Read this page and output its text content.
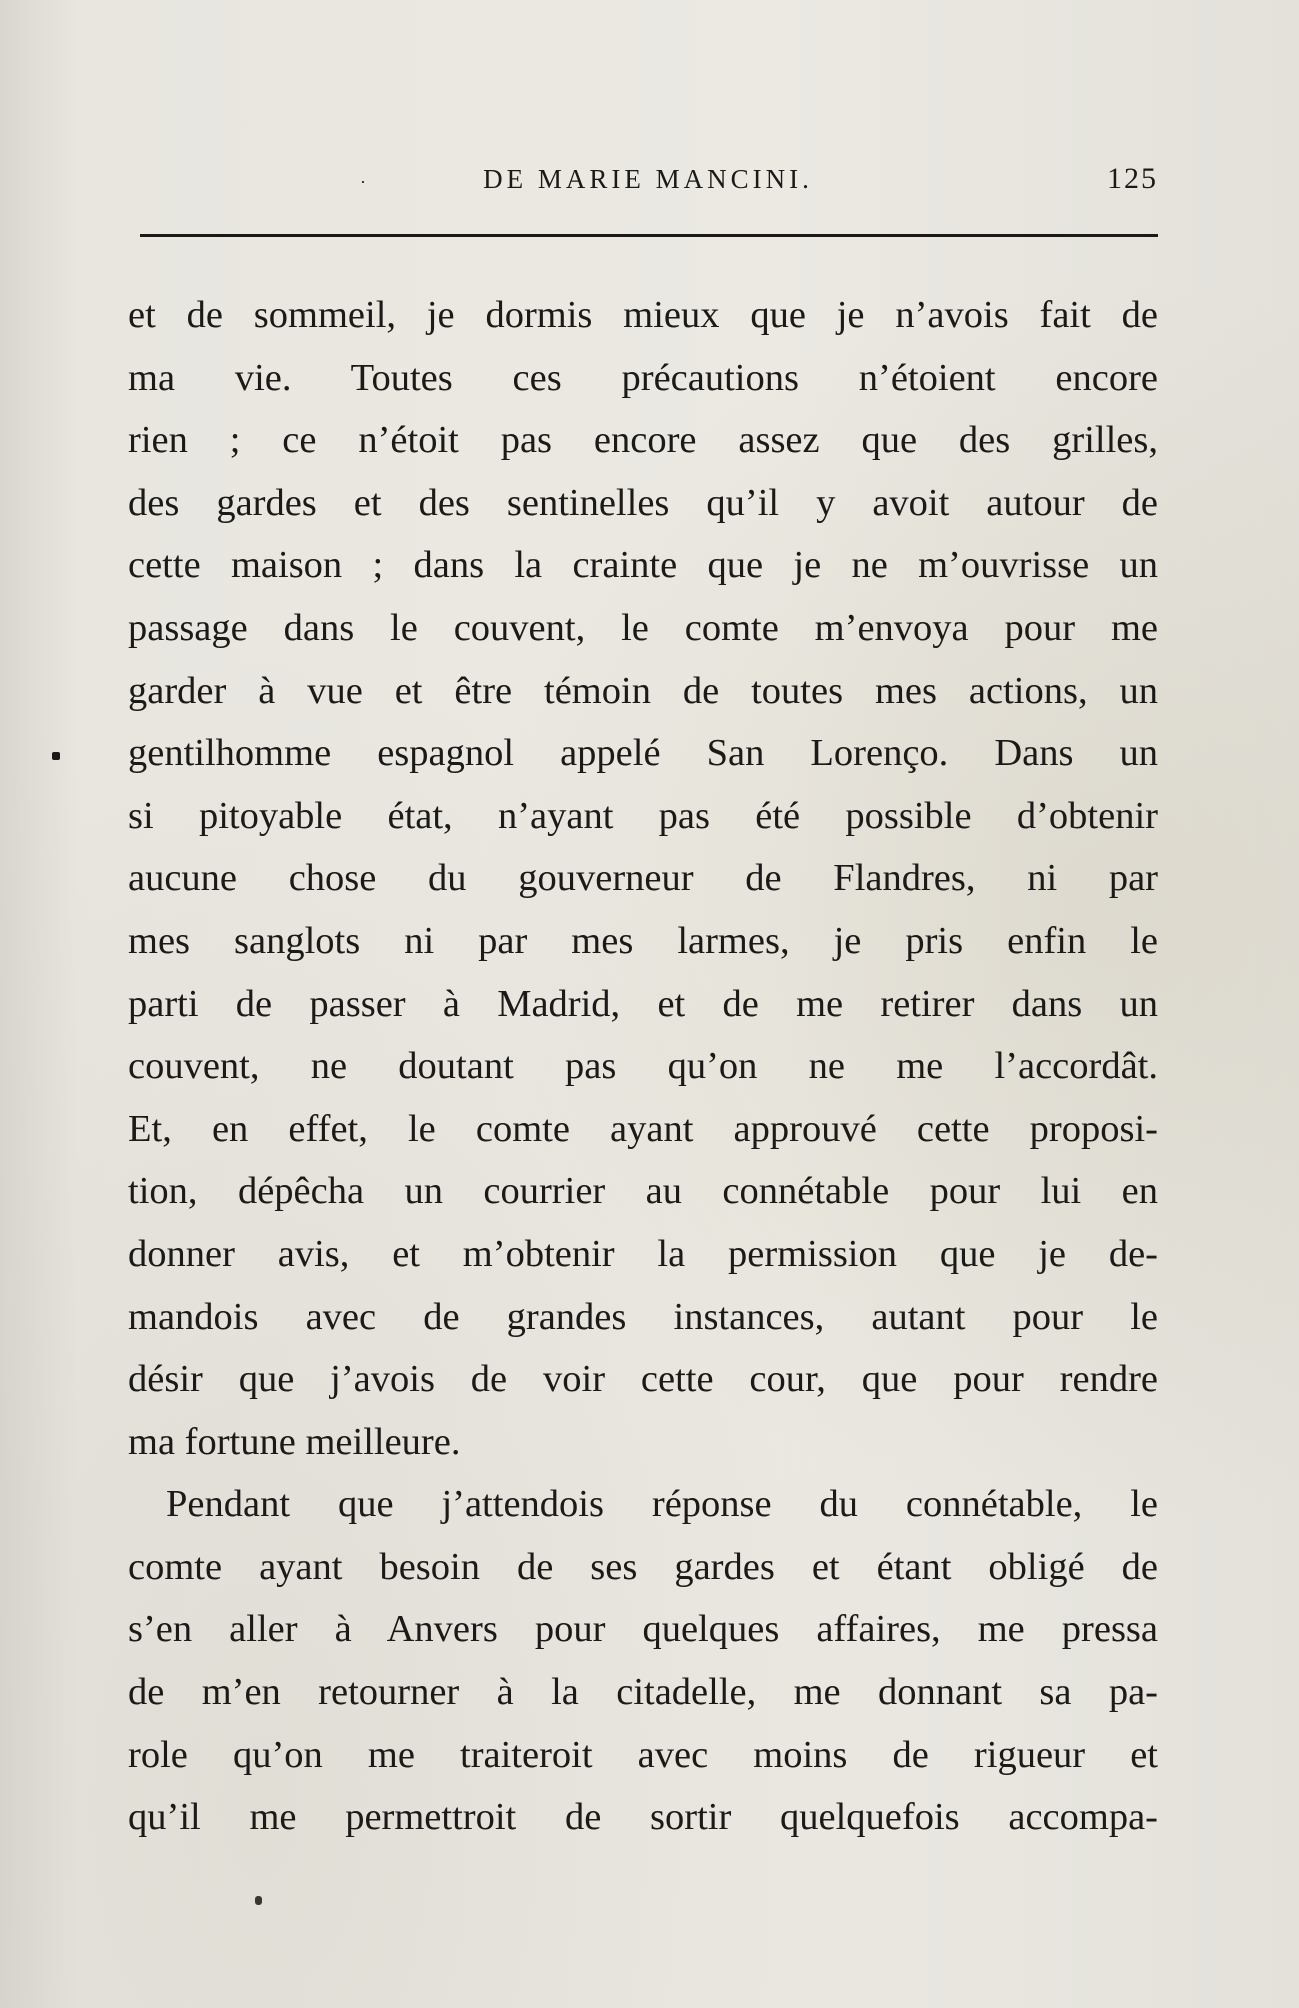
·	DE MARIE MANCINI.	125
et de sommeil, je dormis mieux que je n’avois fait de
ma vie. Toutes ces précautions n’étoient encore
rien ; ce n’étoit pas encore assez que des grilles,
des gardes et des sentinelles qu’il y avoit autour de
cette maison ; dans la crainte que je ne m’ouvrisse un
passage dans le couvent, le comte m’envoya pour me
garder à vue et être témoin de toutes mes actions, un
gentilhomme espagnol appelé San Lorenço. Dans un
si pitoyable état, n’ayant pas été possible d’obtenir
aucune chose du gouverneur de Flandres, ni par
mes sanglots ni par mes larmes, je pris enfin le
parti de passer à Madrid, et de me retirer dans un
couvent, ne doutant pas qu’on ne me l’accordât.
Et, en effet, le comte ayant approuvé cette proposi-
tion, dépêcha un courrier au connétable pour lui en
donner avis, et m’obtenir la permission que je de-
mandois avec de grandes instances, autant pour le
désir que j’avois de voir cette cour, que pour rendre
ma fortune meilleure.
Pendant que j’attendois réponse du connétable, le
comte ayant besoin de ses gardes et étant obligé de
s’en aller à Anvers pour quelques affaires, me pressa
de m’en retourner à la citadelle, me donnant sa pa-
role qu’on me traiteroit avec moins de rigueur et
qu’il me permettroit de sortir quelquefois accompa-
